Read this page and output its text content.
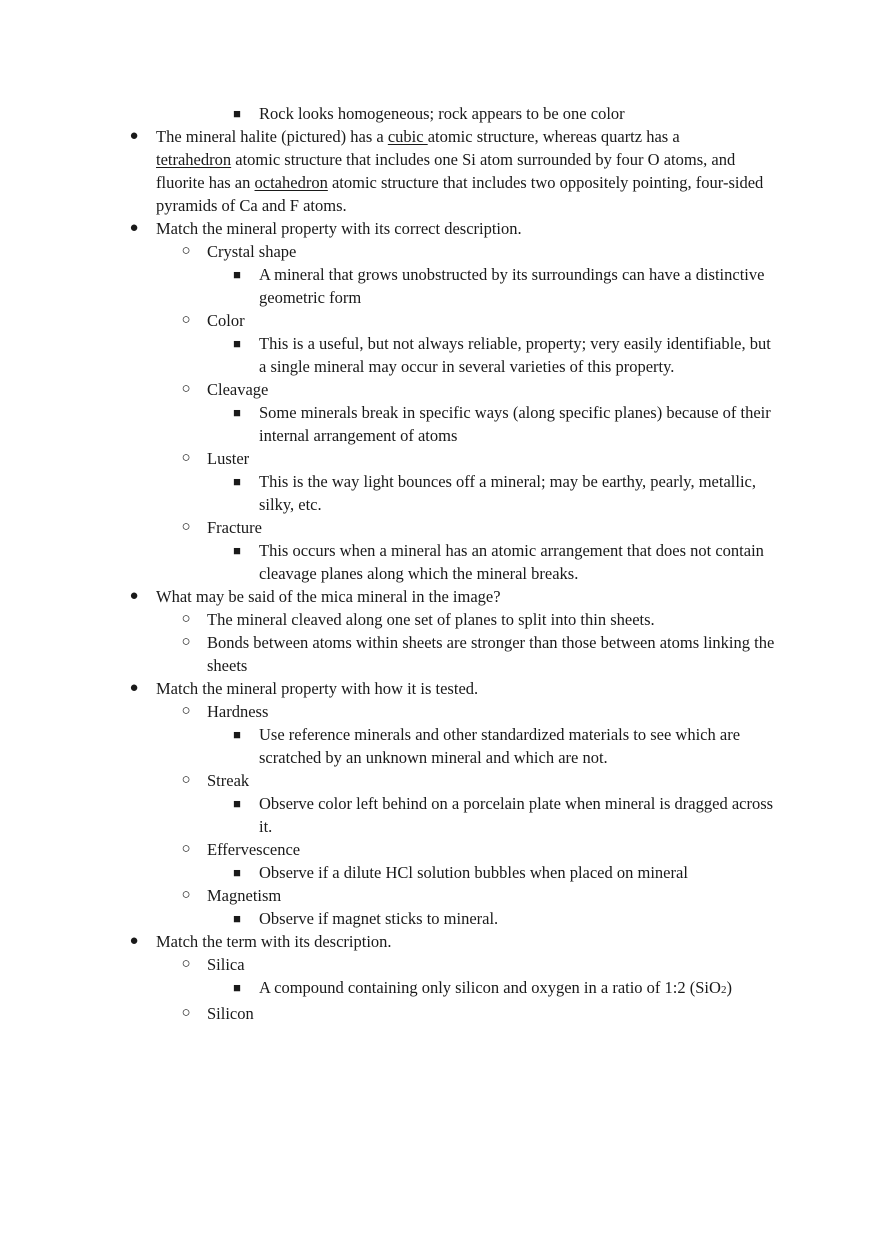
■	Rock looks homogeneous; rock appears to be one color
●	The mineral halite (pictured) has a cubic atomic structure, whereas quartz has a
tetrahedron atomic structure that includes one Si atom surrounded by four O atoms, and fluorite has an octahedron atomic structure that includes two oppositely pointing, four-sided pyramids of Ca and F atoms.
●	Match the mineral property with its correct description.
○ Crystal shape
■	A mineral that grows unobstructed by its surroundings can have a distinctive geometric form
○ Color
■	This is a useful, but not always reliable, property; very easily identifiable, but a single mineral may occur in several varieties of this property.
○ Cleavage
■	Some minerals break in specific ways (along specific planes) because of their internal arrangement of atoms
○ Luster
■	This is the way light bounces off a mineral; may be earthy, pearly, metallic, silky, etc.
○ Fracture
■	This occurs when a mineral has an atomic arrangement that does not contain cleavage planes along which the mineral breaks.
●	What may be said of the mica mineral in the image?
○ The mineral cleaved along one set of planes to split into thin sheets.
○ Bonds between atoms within sheets are stronger than those between atoms linking the sheets
●	Match the mineral property with how it is tested.
○ Hardness
■	Use reference minerals and other standardized materials to see which are scratched by an unknown mineral and which are not.
○ Streak
■	Observe color left behind on a porcelain plate when mineral is dragged across it.
○ Effervescence
■	Observe if a dilute HCl solution bubbles when placed on mineral
○ Magnetism
■	Observe if magnet sticks to mineral.
●	Match the term with its description.
○ Silica
■	A compound containing only silicon and oxygen in a ratio of 1:2 (SiO2)
○ Silicon
